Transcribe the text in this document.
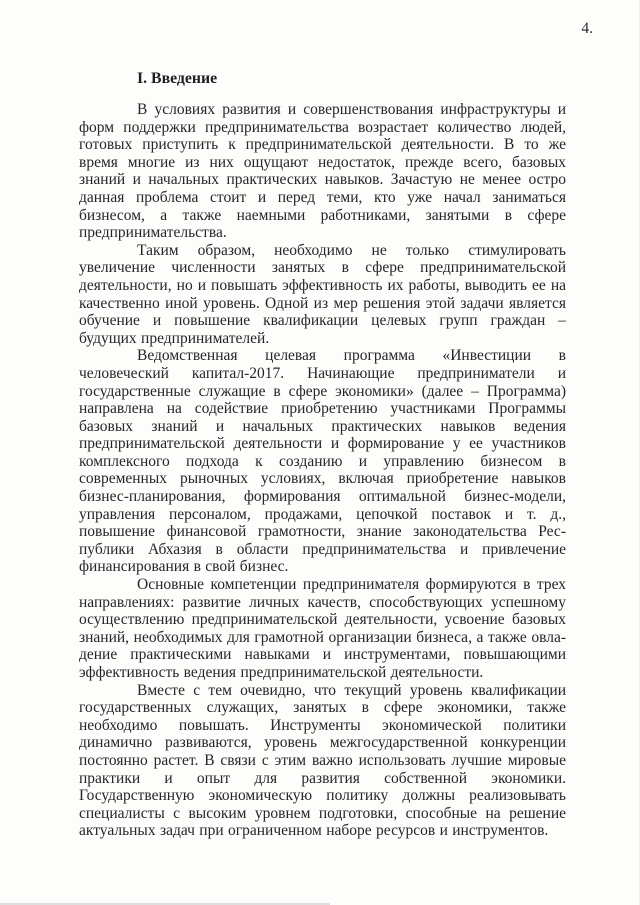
4.
I. Введение

В условиях развития и совершенствования инфраструктуры и форм поддержки предпринимательства возрастает количество людей, готовых приступить к предпринимательской деятельности. В то же время многие из них ощущают недостаток, прежде всего, базовых знаний и начальных практических навыков. Зачастую не менее остро данная проблема стоит и перед теми, кто уже начал заниматься бизнесом, а также наемными работниками, занятыми в сфере предпринимательства.

Таким образом, необходимо не только стимулировать увеличение численности занятых в сфере предпринимательской деятельности, но и повышать эффективность их работы, выводить ее на качественно иной уровень. Одной из мер решения этой задачи является обучение и повышение квалификации целевых групп граждан – будущих предпринимателей.

Ведомственная целевая программа «Инвестиции в человеческий капитал-2017. Начинающие предприниматели и государственные служащие в сфере экономики» (далее – Программа) направлена на содействие приобретению участниками Программы базовых знаний и начальных практических навыков ведения предпринимательской деятельности и формирование у ее участников комплексного подхода к созданию и управлению бизнесом в современных рыночных условиях, включая приобретение навыков бизнес-планирования, формирования оптимальной бизнес-модели, управления персоналом, продажами, цепочкой поставок и т. д., повышение финансовой грамотности, знание законодательства Республики Абхазия в области предпринимательства и привлечение финансирования в свой бизнес.

Основные компетенции предпринимателя формируются в трех направлениях: развитие личных качеств, способствующих успешному осуществлению предпринимательской деятельности, усвоение базовых знаний, необходимых для грамотной организации бизнеса, а также овладение практическими навыками и инструментами, повышающими эффективность ведения предпринимательской деятельности.

Вместе с тем очевидно, что текущий уровень квалификации государственных служащих, занятых в сфере экономики, также необходимо повышать. Инструменты экономической политики динамично развиваются, уровень межгосударственной конкуренции постоянно растет. В связи с этим важно использовать лучшие мировые практики и опыт для развития собственной экономики. Государственную экономическую политику должны реализовывать специалисты с высоким уровнем подготовки, способные на решение актуальных задач при ограниченном наборе ресурсов и инструментов.
